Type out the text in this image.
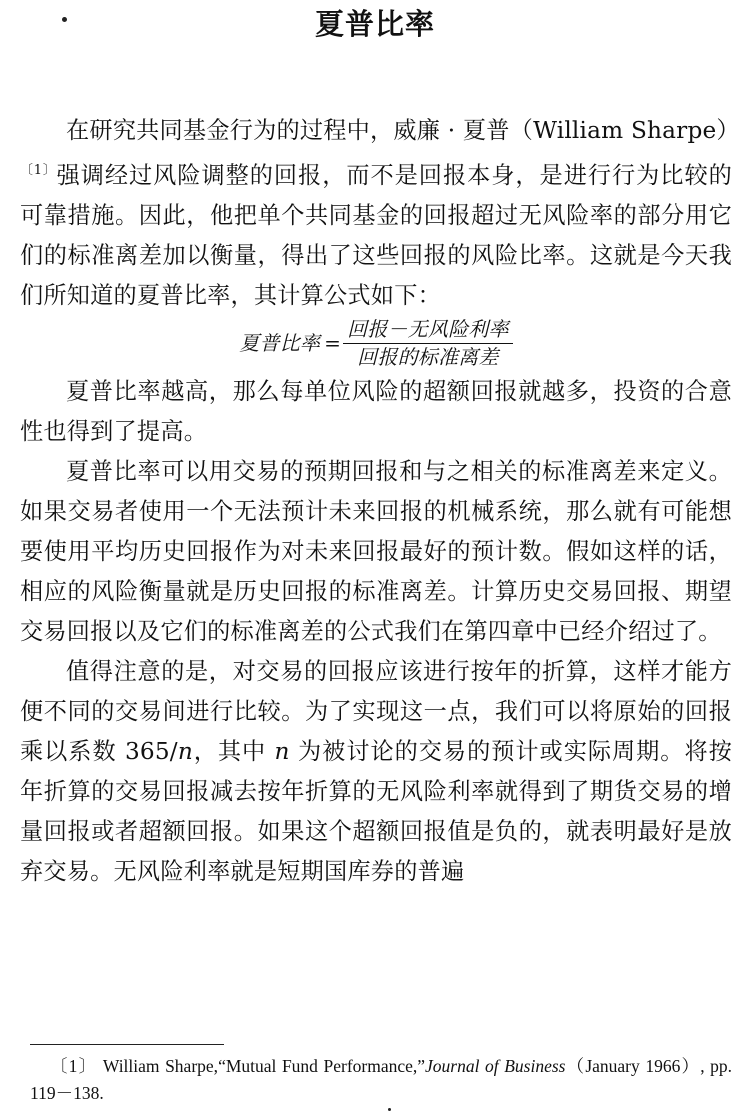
夏普比率

在研究共同基金行为的过程中，威廉 · 夏普（William Sharpe）$^{〔1〕}$强调经过风险调整的回报，而不是回报本身，是进行行为比较的可靠措施。因此，他把单个共同基金的回报超过无风险率的部分用它们的标准离差加以衡量，得出了这些回报的风险比率。这就是今天我们所知道的夏普比率，其计算公式如下：

夏普比率 = $\frac{\text{回报－无风险利率}}{\text{回报的标准离差}}$

夏普比率越高，那么每单位风险的超额回报就越多，投资的合意性也得到了提高。

夏普比率可以用交易的预期回报和与之相关的标准离差来定义。如果交易者使用一个无法预计未来回报的机械系统，那么就有可能想要使用平均历史回报作为对未来回报最好的预计数。假如这样的话，相应的风险衡量就是历史回报的标准离差。计算历史交易回报、期望交易回报以及它们的标准离差的公式我们在第四章中已经介绍过了。

值得注意的是，对交易的回报应该进行按年的折算，这样才能方便不同的交易间进行比较。为了实现这一点，我们可以将原始的回报乘以系数 365/n，其中 n 为被讨论的交易的预计或实际周期。将按年折算的交易回报减去按年折算的无风险利率就得到了期货交易的增量回报或者超额回报。如果这个超额回报值是负的，就表明最好是放弃交易。无风险利率就是短期国库券的普遍

〔1〕 William Sharpe,“Mutual Fund Performance,”Journal of Business（January 1966）, pp. 119－138.
